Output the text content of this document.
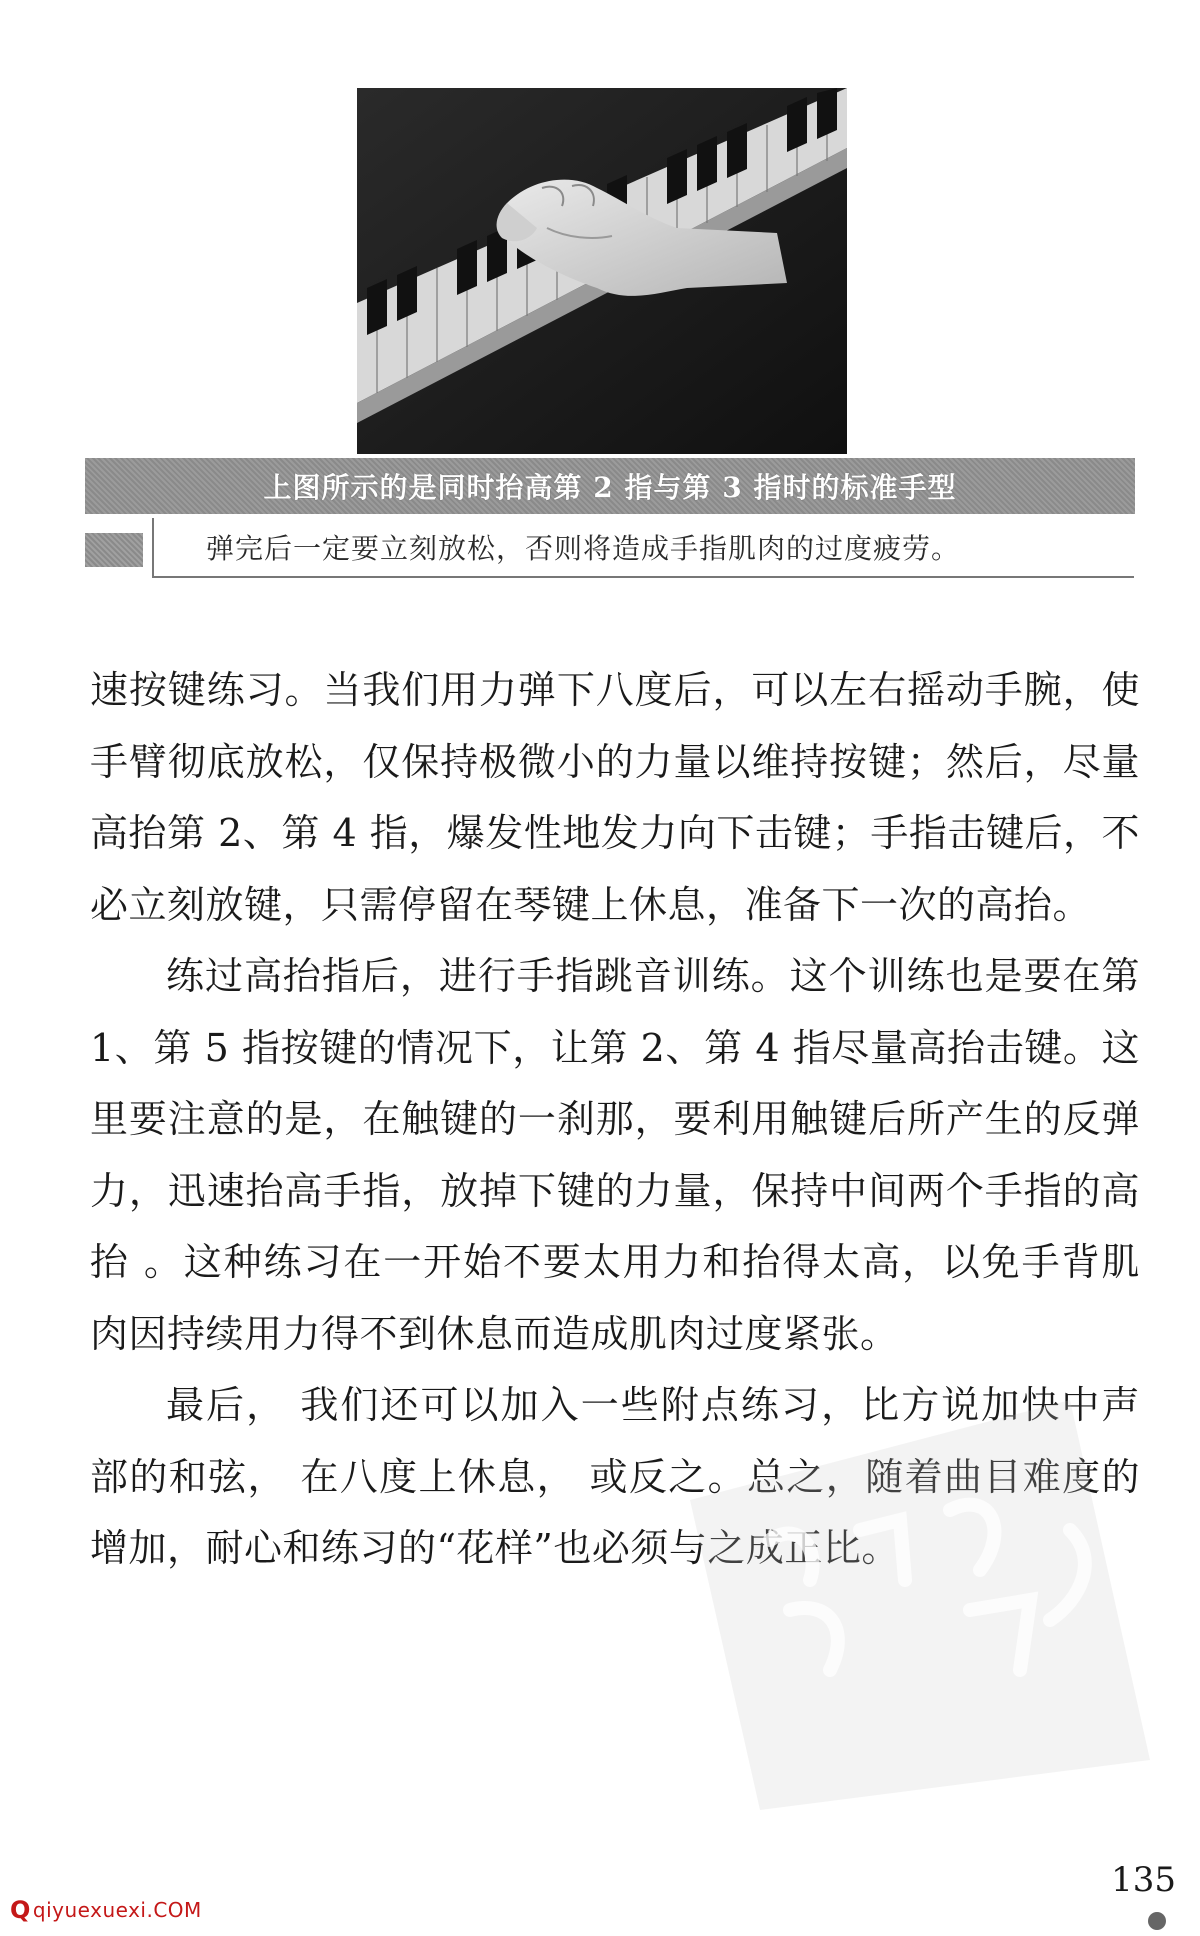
上图所示的是同时抬高第 2 指与第 3 指时的标准手型
弹完后一定要立刻放松，否则将造成手指肌肉的过度疲劳。

速按键练习。当我们用力弹下八度后，可以左右摇动手腕，使手臂彻底放松，仅保持极微小的力量以维持按键；然后，尽量高抬第 2、第 4 指，爆发性地发力向下击键；手指击键后，不必立刻放键，只需停留在琴键上休息，准备下一次的高抬。

练过高抬指后，进行手指跳音训练。这个训练也是要在第 1、第 5 指按键的情况下，让第 2、第 4 指尽量高抬击键。这里要注意的是，在触键的一刹那，要利用触键后所产生的反弹力，迅速抬高手指，放掉下键的力量，保持中间两个手指的高抬 。这种练习在一开始不要太用力和抬得太高，以免手背肌肉因持续用力得不到休息而造成肌肉过度紧张。

最后， 我们还可以加入一些附点练习，比方说加快中声部的和弦， 在八度上休息， 或反之。总之，随着曲目难度的增加，耐心和练习的“花样”也必须与之成正比。

Q qiyuexuexi.COM
135
